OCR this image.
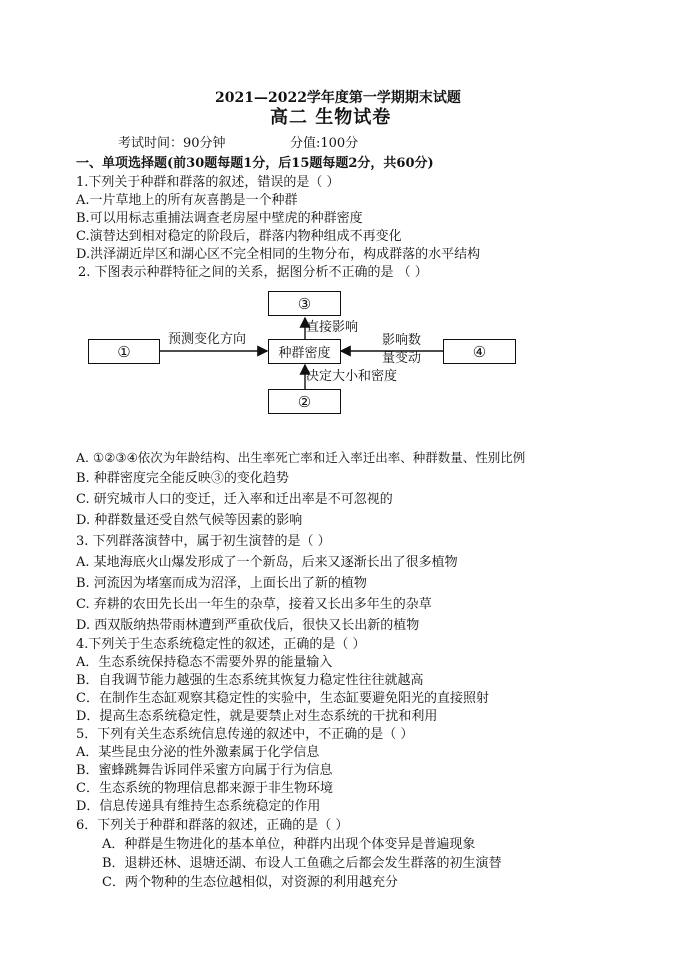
2021—2022学年度第一学期期末试题
高二 生物试卷
考试时间：90分钟	分值:100分
一、单项选择题(前30题每题1分，后15题每题2分，共60分)
1.下列关于种群和群落的叙述，错误的是（ ）
A.一片草地上的所有灰喜鹊是一个种群
B.可以用标志重捕法调查老房屋中壁虎的种群密度
C.演替达到相对稳定的阶段后，群落内物种组成不再变化
D.洪泽湖近岸区和湖心区不完全相同的生物分布，构成群落的水平结构
2. 下图表示种群特征之间的关系，据图分析不正确的是 （ ）
③
①	种群密度	④
②
预测变化方向
直接影响
决定大小和密度
影响数
量变动
A. ①②③④依次为年龄结构、出生率死亡率和迁入率迁出率、种群数量、性别比例
B. 种群密度完全能反映③的变化趋势
C. 研究城市人口的变迁，迁入率和迁出率是不可忽视的
D. 种群数量还受自然气候等因素的影响
3. 下列群落演替中，属于初生演替的是（ ）
A. 某地海底火山爆发形成了一个新岛，后来又逐渐长出了很多植物
B. 河流因为堵塞而成为沼泽，上面长出了新的植物
C. 弃耕的农田先长出一年生的杂草，接着又长出多年生的杂草
D. 西双版纳热带雨林遭到严重砍伐后，很快又长出新的植物
4.下列关于生态系统稳定性的叙述，正确的是（ ）
A．生态系统保持稳态不需要外界的能量输入
B．自我调节能力越强的生态系统其恢复力稳定性往往就越高
C．在制作生态缸观察其稳定性的实验中，生态缸要避免阳光的直接照射
D．提高生态系统稳定性，就是要禁止对生态系统的干扰和利用
5．下列有关生态系统信息传递的叙述中，不正确的是（ ）
A．某些昆虫分泌的性外激素属于化学信息
B．蜜蜂跳舞告诉同伴采蜜方向属于行为信息
C．生态系统的物理信息都来源于非生物环境
D．信息传递具有维持生态系统稳定的作用
6．下列关于种群和群落的叙述，正确的是（ ）
A．种群是生物进化的基本单位，种群内出现个体变异是普遍现象
B．退耕还林、退塘还湖、布设人工鱼礁之后都会发生群落的初生演替
C．两个物种的生态位越相似，对资源的利用越充分
